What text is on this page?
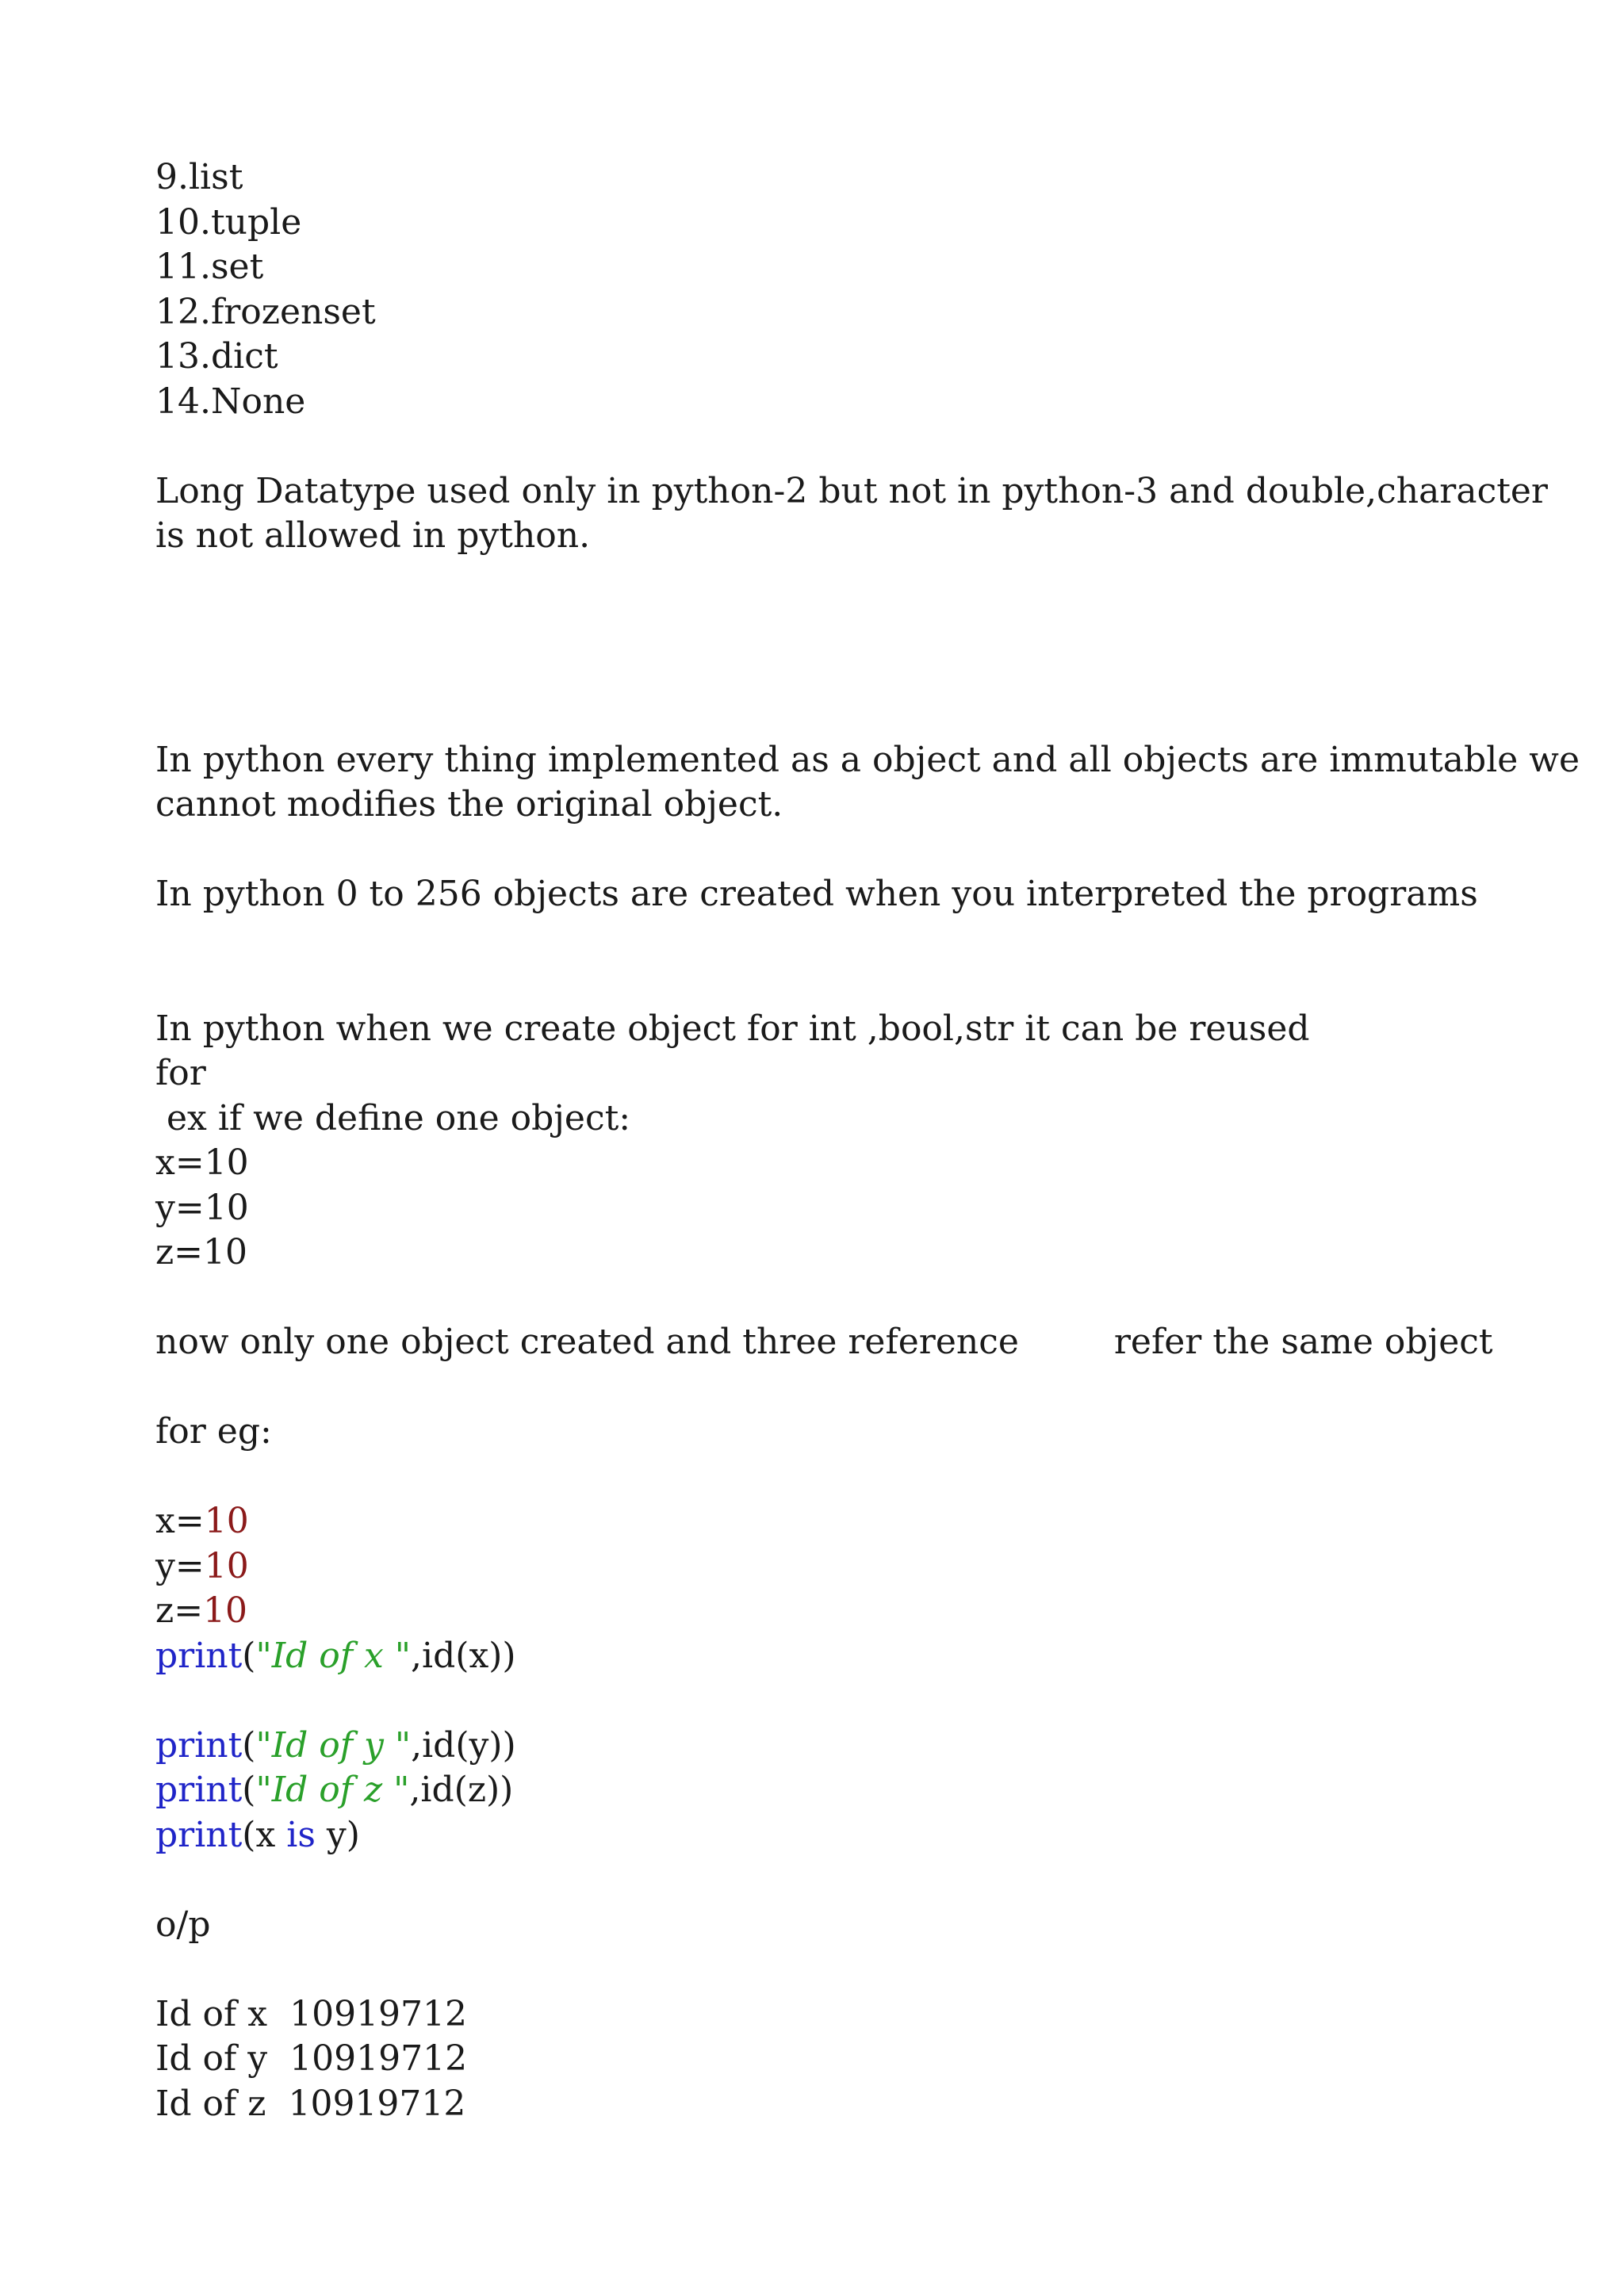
9.list
10.tuple
11.set
12.frozenset
13.dict
14.None
Long Datatype used only in python-2 but not in python-3 and double,character
is not allowed in python.
In python every thing implemented as a object and all objects are immutable we
cannot modifies the original object.
In python 0 to 256 objects are created when you interpreted the programs
In python when we create object for int ,bool,str it can be reused
for
ex if we define one object:
x=10
y=10
z=10
now only one object created and three reference	refer the same object
for eg:
x=10
y=10
z=10
print("Id of x ",id(x))
print("Id of y ",id(y))
print("Id of z ",id(z))
print(x is y)
o/p
Id of x  10919712
Id of y  10919712
Id of z  10919712
